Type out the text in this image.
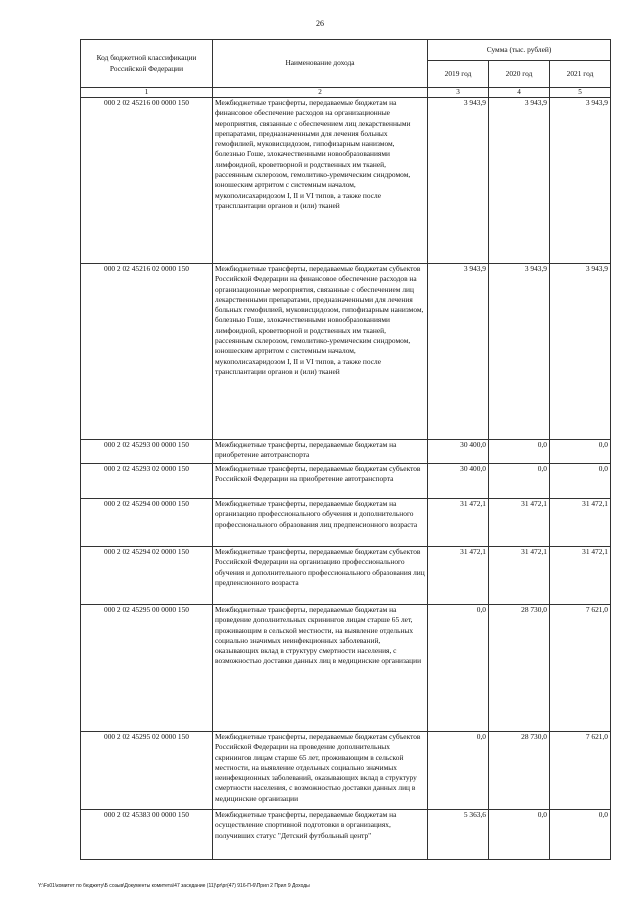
26
Код бюджетной классификации Российской Федерации	Наименование дохода	Сумма (тыс. рублей)		
		2019 год	2020 год	2021 год
1	2	3	4	5
000 2 02 45216 00 0000 150	Межбюджетные трансферты, передаваемые бюджетам на финансовое обеспечение расходов на организационные мероприятия, связанные с обеспечением лиц лекарственными препаратами, предназначенными для лечения больных гемофилией, муковисцидозом, гипофизарным нанизмом, болезнью Гоше, злокачественными новообразованиями лимфоидной, кроветворной и родственных им тканей, рассеянным склерозом, гемолитико-уремическим синдромом, юношеским артритом с системным началом, мукополисахаридозом I, II и VI типов, а также после трансплантации органов и (или) тканей	3 943,9	3 943,9	3 943,9
000 2 02 45216 02 0000 150	Межбюджетные трансферты, передаваемые бюджетам субъектов Российской Федерации на финансовое обеспечение расходов на организационные мероприятия, связанные с обеспечением лиц лекарственными препаратами, предназначенными для лечения больных гемофилией, муковисцидозом, гипофизарным нанизмом, болезнью Гоше, злокачественными новообразованиями лимфоидной, кроветворной и родственных им тканей, рассеянным склерозом, гемолитико-уремическим синдромом, юношеским артритом с системным началом, мукополисахаридозом I, II и VI типов, а также после трансплантации органов и (или) тканей	3 943,9	3 943,9	3 943,9
000 2 02 45293 00 0000 150	Межбюджетные трансферты, передаваемые бюджетам на приобретение автотранспорта	30 400,0	0,0	0,0
000 2 02 45293 02 0000 150	Межбюджетные трансферты, передаваемые бюджетам субъектов Российской Федерации на приобретение автотранспорта	30 400,0	0,0	0,0
000 2 02 45294 00 0000 150	Межбюджетные трансферты, передаваемые бюджетам на организацию профессионального обучения и дополнительного профессионального образования лиц предпенсионного возраста	31 472,1	31 472,1	31 472,1
000 2 02 45294 02 0000 150	Межбюджетные трансферты, передаваемые бюджетам субъектов Российской Федерации на организацию профессионального обучения и дополнительного профессионального образования лиц предпенсионного возраста	31 472,1	31 472,1	31 472,1
000 2 02 45295 00 0000 150	Межбюджетные трансферты, передаваемые бюджетам на проведение дополнительных скринингов лицам старше 65 лет, проживающим в сельской местности, на выявление отдельных социально значимых неинфекционных заболеваний, оказывающих вклад в структуру смертности населения, с возможностью доставки данных лиц в медицинские организации	0,0	28 730,0	7 621,0
000 2 02 45295 02 0000 150	Межбюджетные трансферты, передаваемые бюджетам субъектов Российской Федерации на проведение дополнительных скринингов лицам старше 65 лет, проживающим в сельской местности, на выявление отдельных социально значимых неинфекционных заболеваний, оказывающих вклад в структуру смертности населения, с возможностью доставки данных лиц в медицинские организации	0,0	28 730,0	7 621,0
000 2 02 45383 00 0000 150	Межбюджетные трансферты, передаваемые бюджетам на осуществление спортивной подготовки в организациях, получивших статус "Детский футбольный центр"	5 363,6	0,0	0,0
Y:\Fs01\комитет по бюджету\Б созыв\Документы комитета\47 заседание (11)\pr\pr(47) 916-П-6\Прил 2 Прил 9 Доходы
